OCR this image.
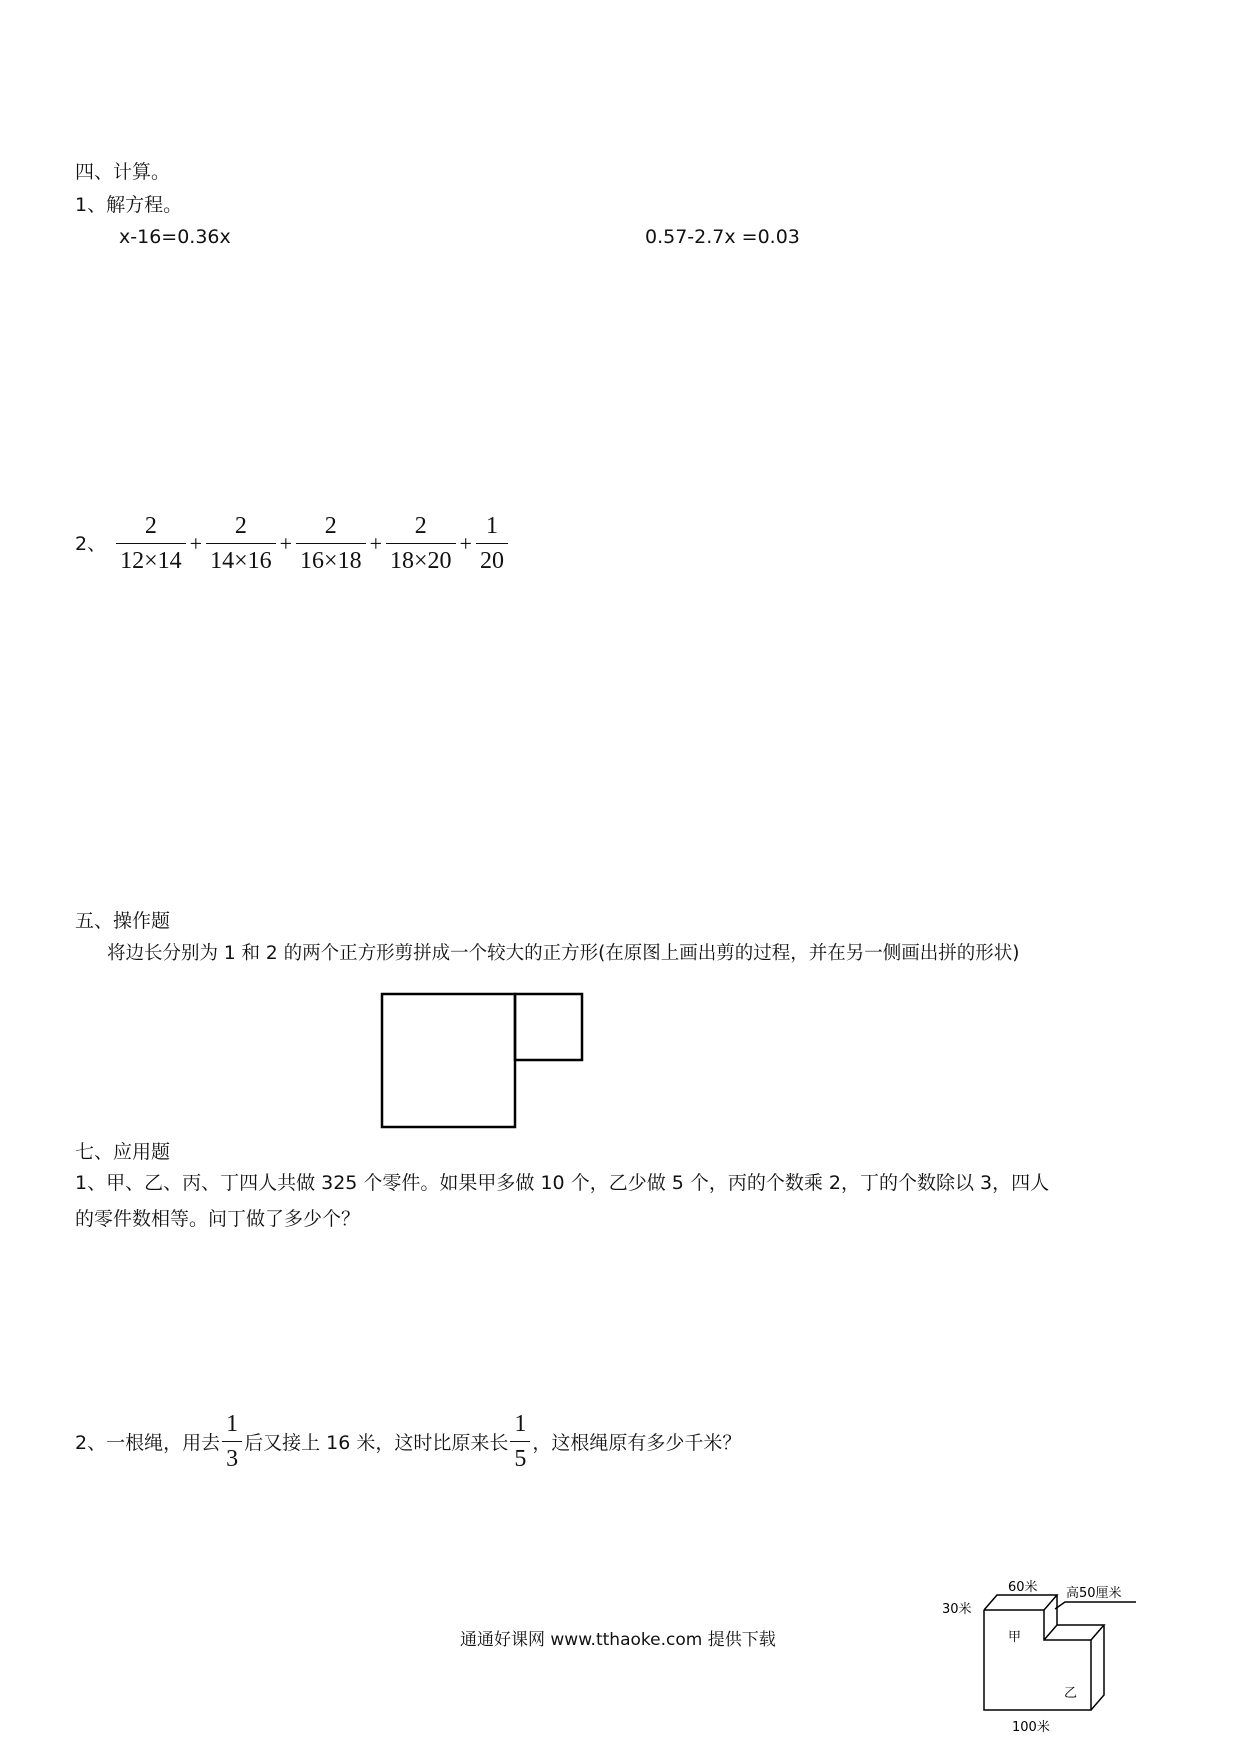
四、计算。
1、解方程。
x-16=0.36x	0.57-2.7x =0.03
2、 $\frac{2}{12\times 14} + \frac{2}{14\times 16} + \frac{2}{16\times 18} + \frac{2}{18\times 20} + \frac{1}{20}$
五、操作题
将边长分别为 1 和 2 的两个正方形剪拼成一个较大的正方形(在原图上画出剪的过程，并在另一侧画出拼的形状)
七、应用题
1、甲、乙、丙、丁四人共做 325 个零件。如果甲多做 10 个，乙少做 5 个，丙的个数乘 2，丁的个数除以 3，四人
的零件数相等。问丁做了多少个？
2、一根绳，用去 $\frac{1}{3}$ 后又接上 16 米，这时比原来长 $\frac{1}{5}$ ，这根绳原有多少千米？
通通好课网 www.tthaoke.com 提供下载
60米
30米
高50厘米
甲
乙
100米
